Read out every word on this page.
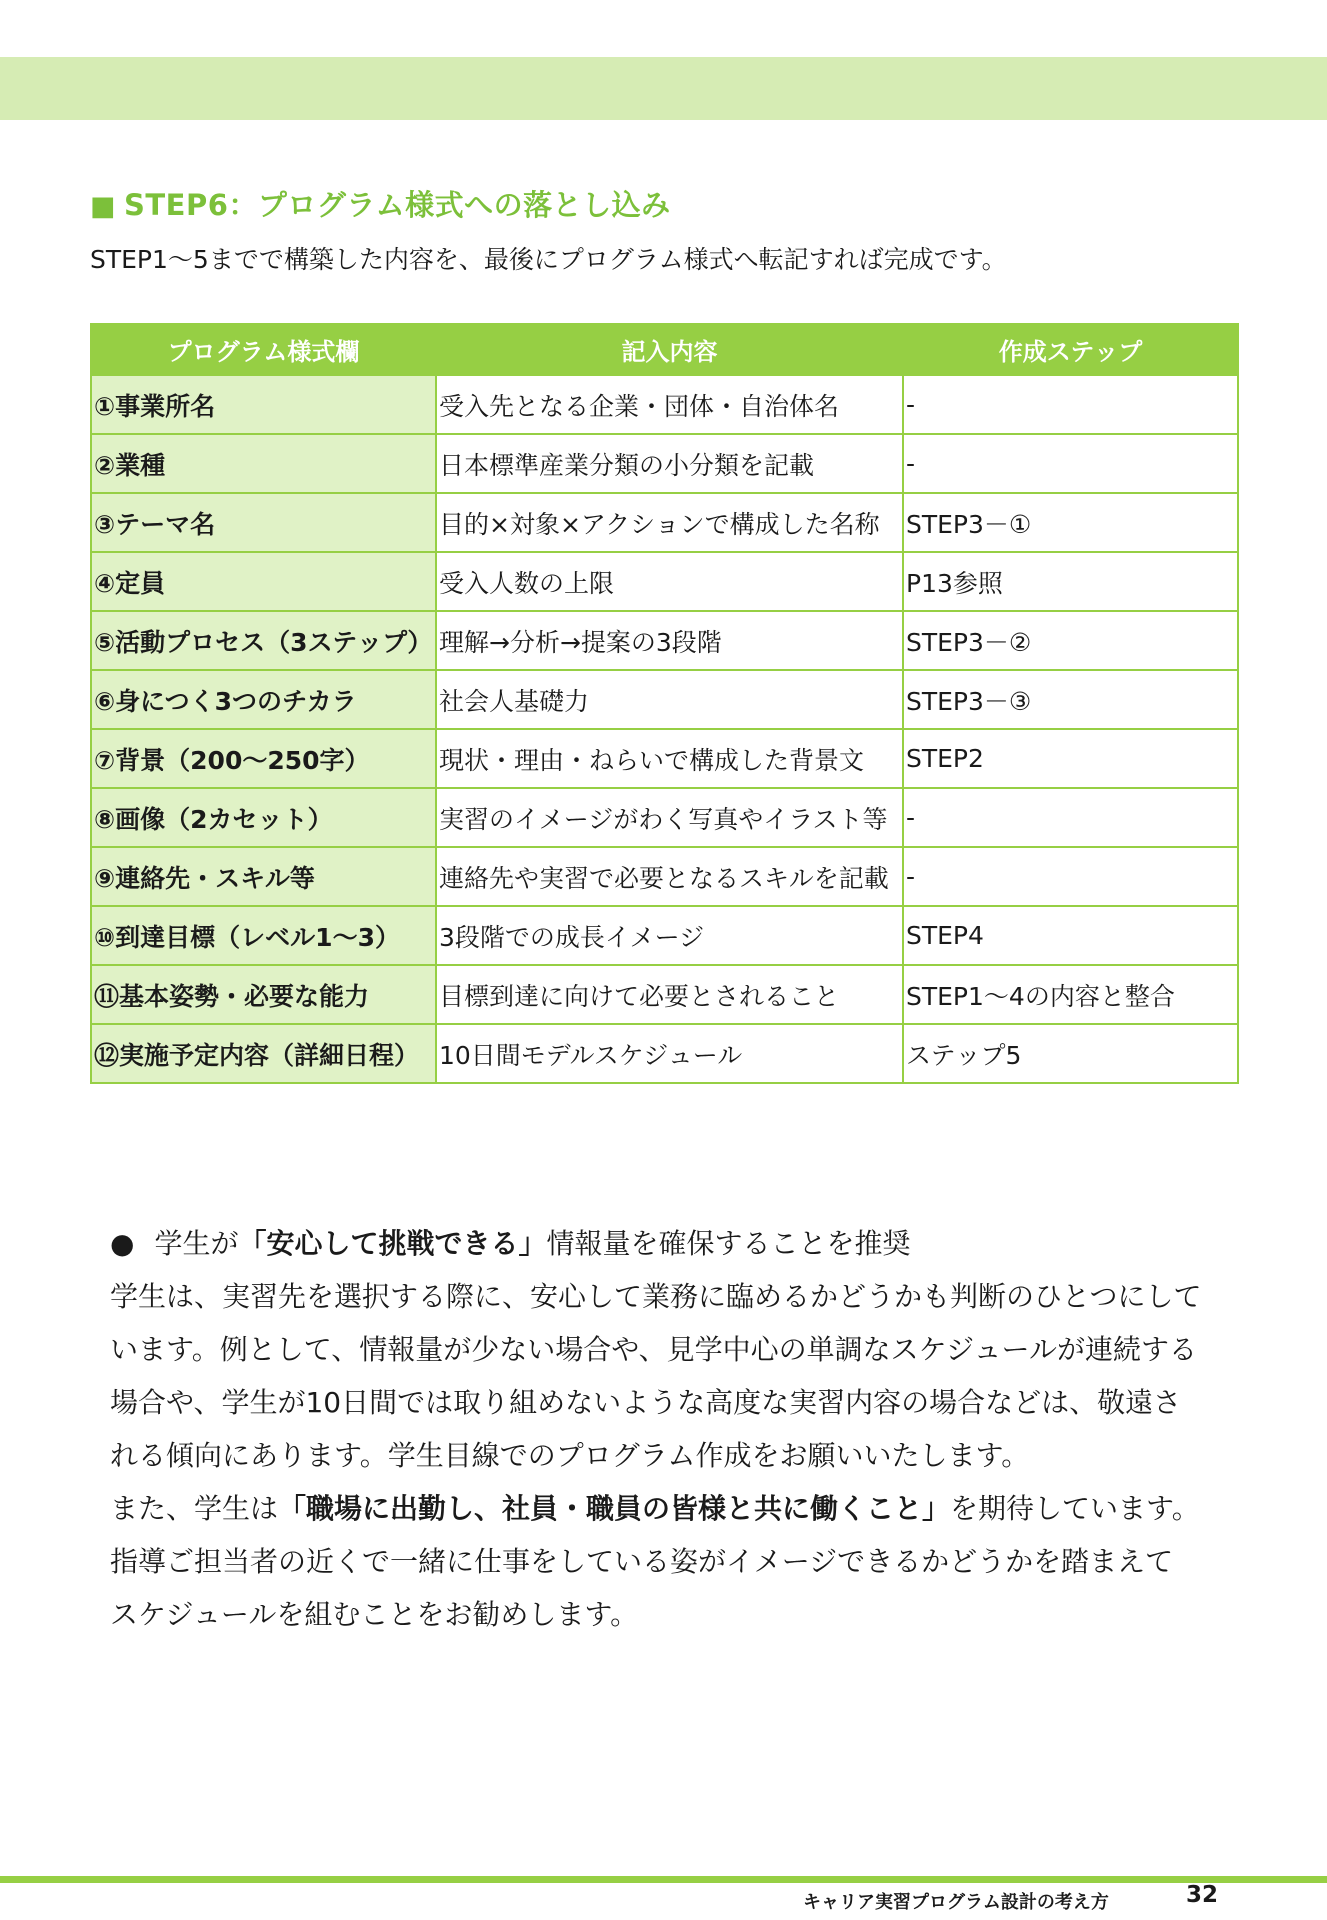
■ STEP6：プログラム様式への落とし込み
STEP1～5までで構築した内容を、最後にプログラム様式へ転記すれば完成です。
プログラム様式欄	記入内容	作成ステップ
①事業所名	受入先となる企業・団体・自治体名	-
②業種	日本標準産業分類の小分類を記載	-
③テーマ名	目的×対象×アクションで構成した名称	STEP3－①
④定員	受入人数の上限	P13参照
⑤活動プロセス（3ステップ）	理解→分析→提案の3段階	STEP3－②
⑥身につく3つのチカラ	社会人基礎力	STEP3－③
⑦背景（200～250字）	現状・理由・ねらいで構成した背景文	STEP2
⑧画像（2カセット）	実習のイメージがわく写真やイラスト等	-
⑨連絡先・スキル等	連絡先や実習で必要となるスキルを記載	-
⑩到達目標（レベル1～3）	3段階での成長イメージ	STEP4
⑪基本姿勢・必要な能力	目標到達に向けて必要とされること	STEP1～4の内容と整合
⑫実施予定内容（詳細日程）	10日間モデルスケジュール	ステップ5
● 学生が「安心して挑戦できる」情報量を確保することを推奨

学生は、実習先を選択する際に、安心して業務に臨めるかどうかも判断のひとつにして

います。例として、情報量が少ない場合や、見学中心の単調なスケジュールが連続する

場合や、学生が10日間では取り組めないような高度な実習内容の場合などは、敬遠さ

れる傾向にあります。学生目線でのプログラム作成をお願いいたします。

また、学生は「職場に出勤し、社員・職員の皆様と共に働くこと」を期待しています。

指導ご担当者の近くで一緒に仕事をしている姿がイメージできるかどうかを踏まえて

スケジュールを組むことをお勧めします。

キャリア実習プログラム設計の考え方	32
